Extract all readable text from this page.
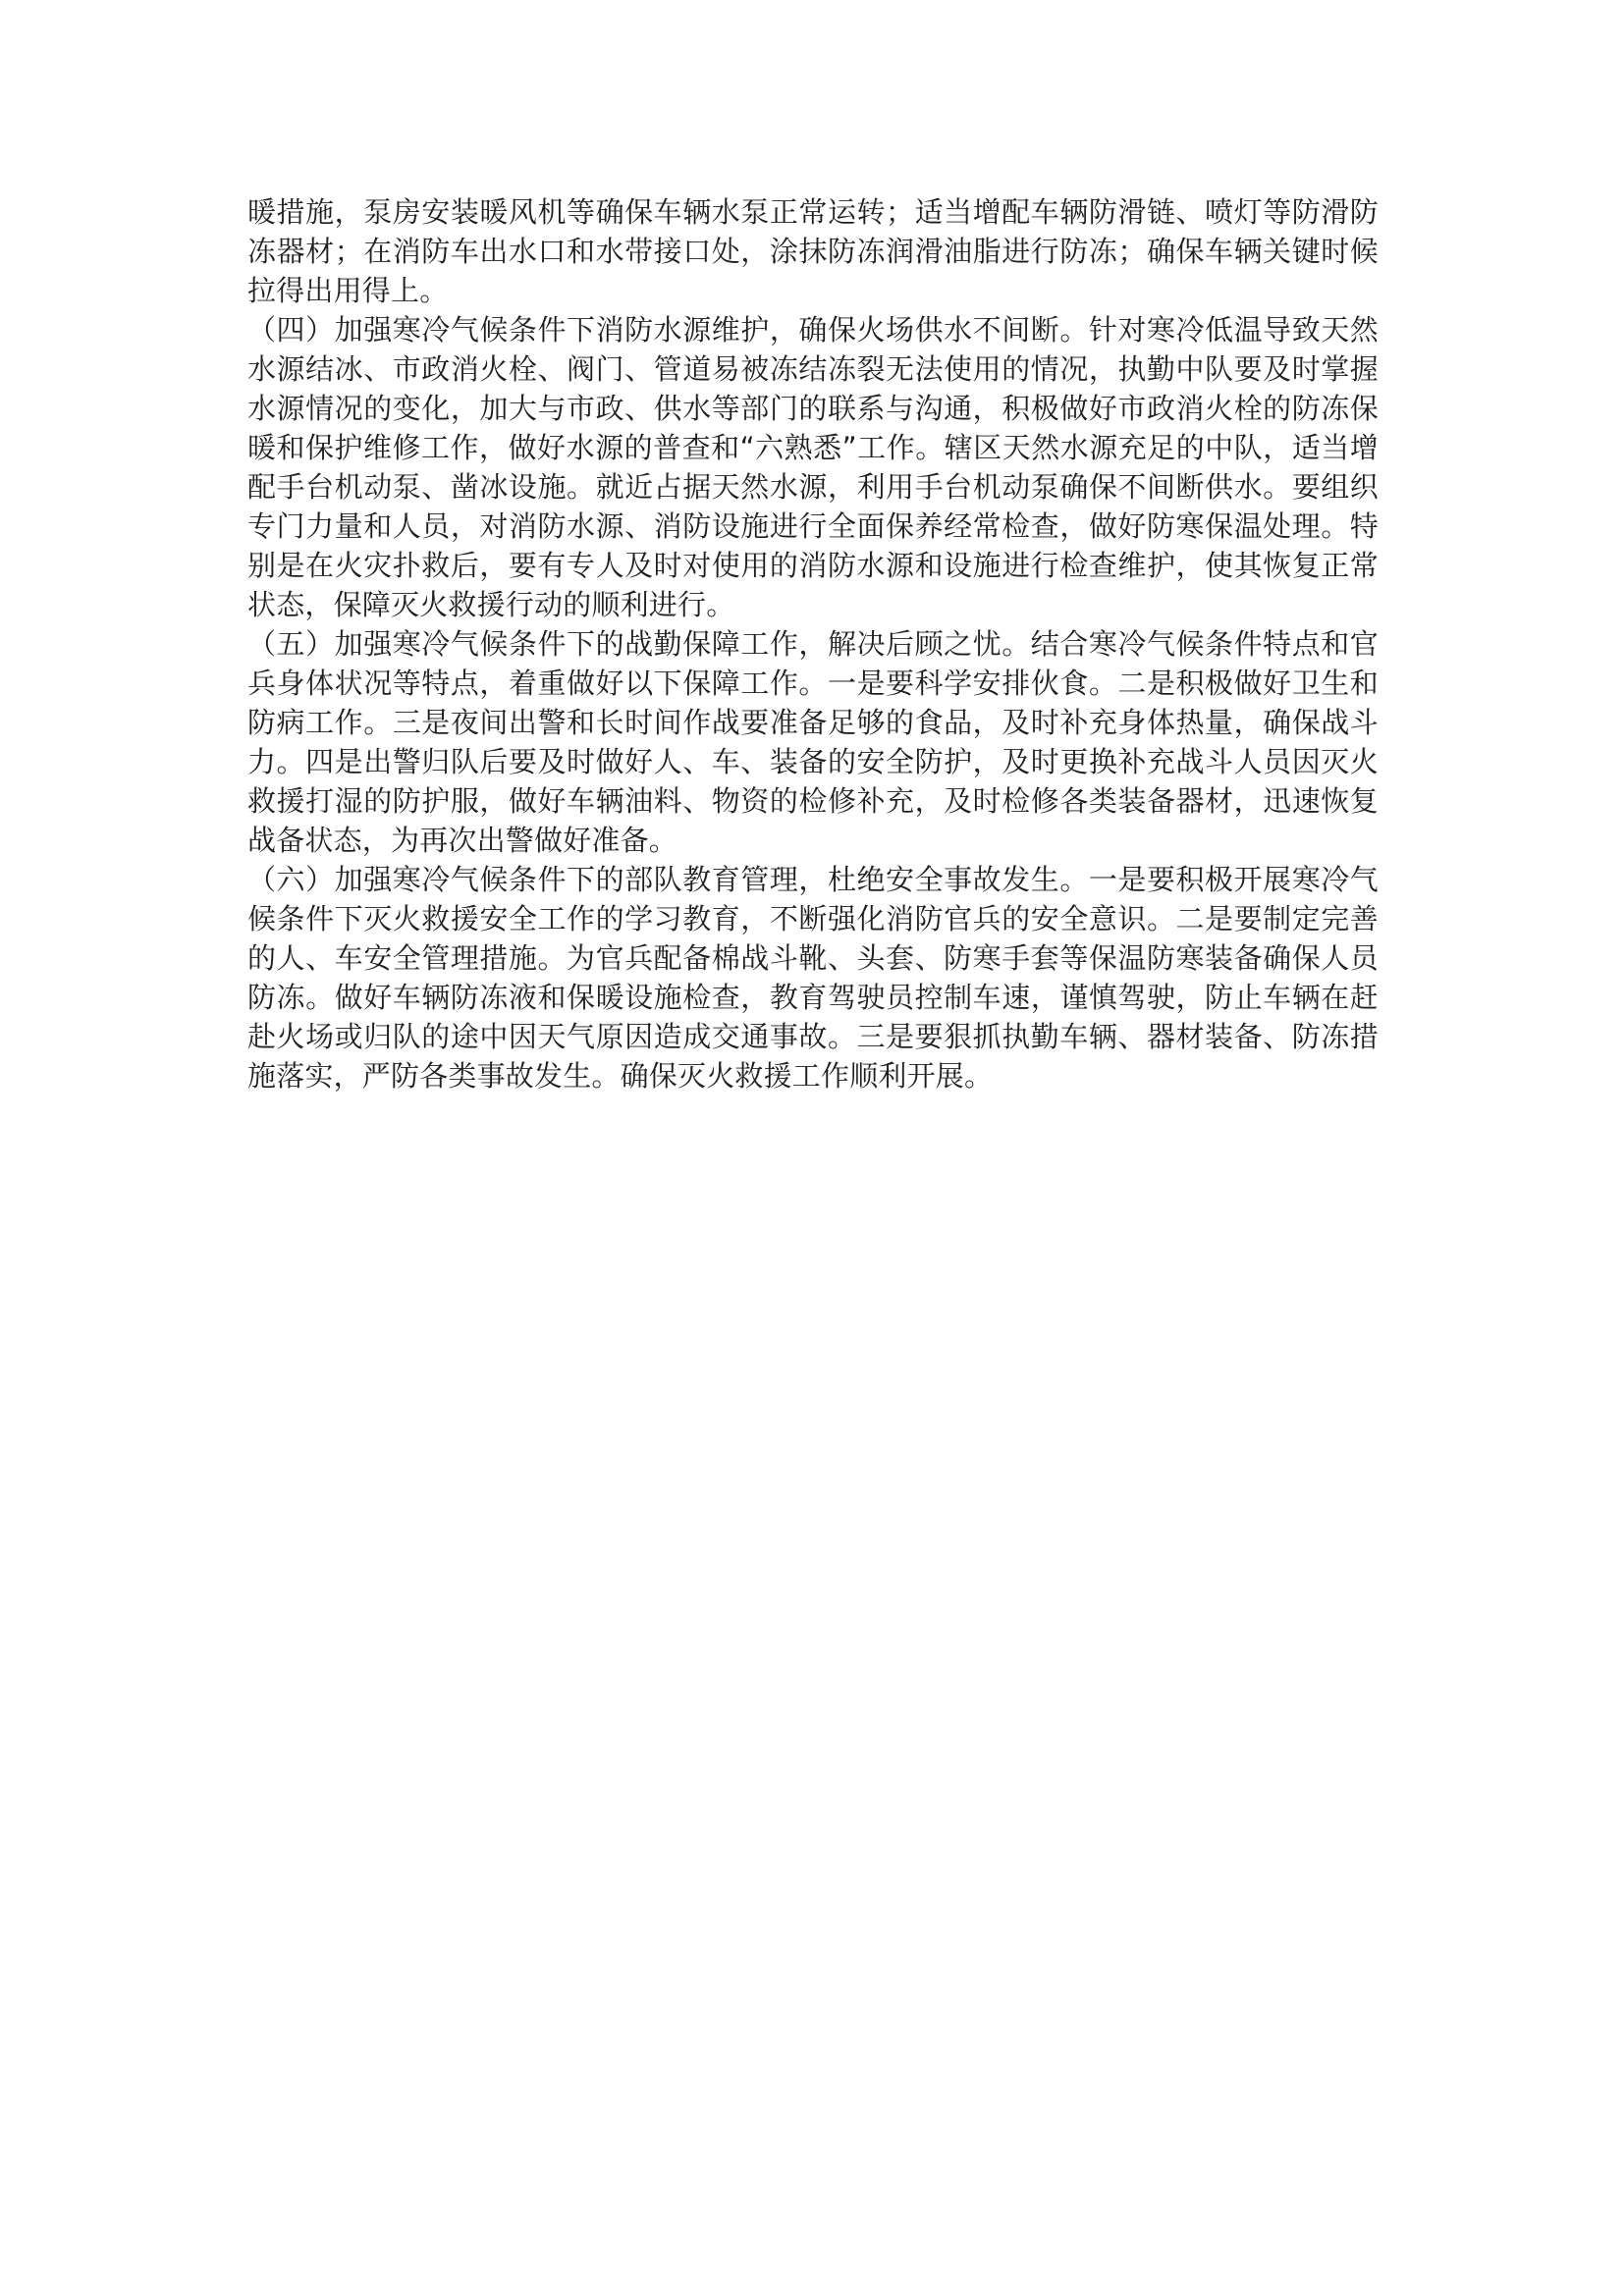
暖措施，泵房安装暖风机等确保车辆水泵正常运转；适当增配车辆防滑链、喷灯等防滑防冻器材；在消防车出水口和水带接口处，涂抹防冻润滑油脂进行防冻；确保车辆关键时候拉得出用得上。

（四）加强寒冷气候条件下消防水源维护，确保火场供水不间断。针对寒冷低温导致天然水源结冰、市政消火栓、阀门、管道易被冻结冻裂无法使用的情况，执勤中队要及时掌握水源情况的变化，加大与市政、供水等部门的联系与沟通，积极做好市政消火栓的防冻保暖和保护维修工作，做好水源的普查和“六熟悉”工作。辖区天然水源充足的中队，适当增配手台机动泵、凿冰设施。就近占据天然水源，利用手台机动泵确保不间断供水。要组织专门力量和人员，对消防水源、消防设施进行全面保养经常检查，做好防寒保温处理。特别是在火灾扑救后，要有专人及时对使用的消防水源和设施进行检查维护，使其恢复正常状态，保障灭火救援行动的顺利进行。

（五）加强寒冷气候条件下的战勤保障工作，解决后顾之忧。结合寒冷气候条件特点和官兵身体状况等特点，着重做好以下保障工作。一是要科学安排伙食。二是积极做好卫生和防病工作。三是夜间出警和长时间作战要准备足够的食品，及时补充身体热量，确保战斗力。四是出警归队后要及时做好人、车、装备的安全防护，及时更换补充战斗人员因灭火救援打湿的防护服，做好车辆油料、物资的检修补充，及时检修各类装备器材，迅速恢复战备状态，为再次出警做好准备。

（六）加强寒冷气候条件下的部队教育管理，杜绝安全事故发生。一是要积极开展寒冷气候条件下灭火救援安全工作的学习教育，不断强化消防官兵的安全意识。二是要制定完善的人、车安全管理措施。为官兵配备棉战斗靴、头套、防寒手套等保温防寒装备确保人员防冻。做好车辆防冻液和保暖设施检查，教育驾驶员控制车速，谨慎驾驶，防止车辆在赶赴火场或归队的途中因天气原因造成交通事故。三是要狠抓执勤车辆、器材装备、防冻措施落实，严防各类事故发生。确保灭火救援工作顺利开展。
